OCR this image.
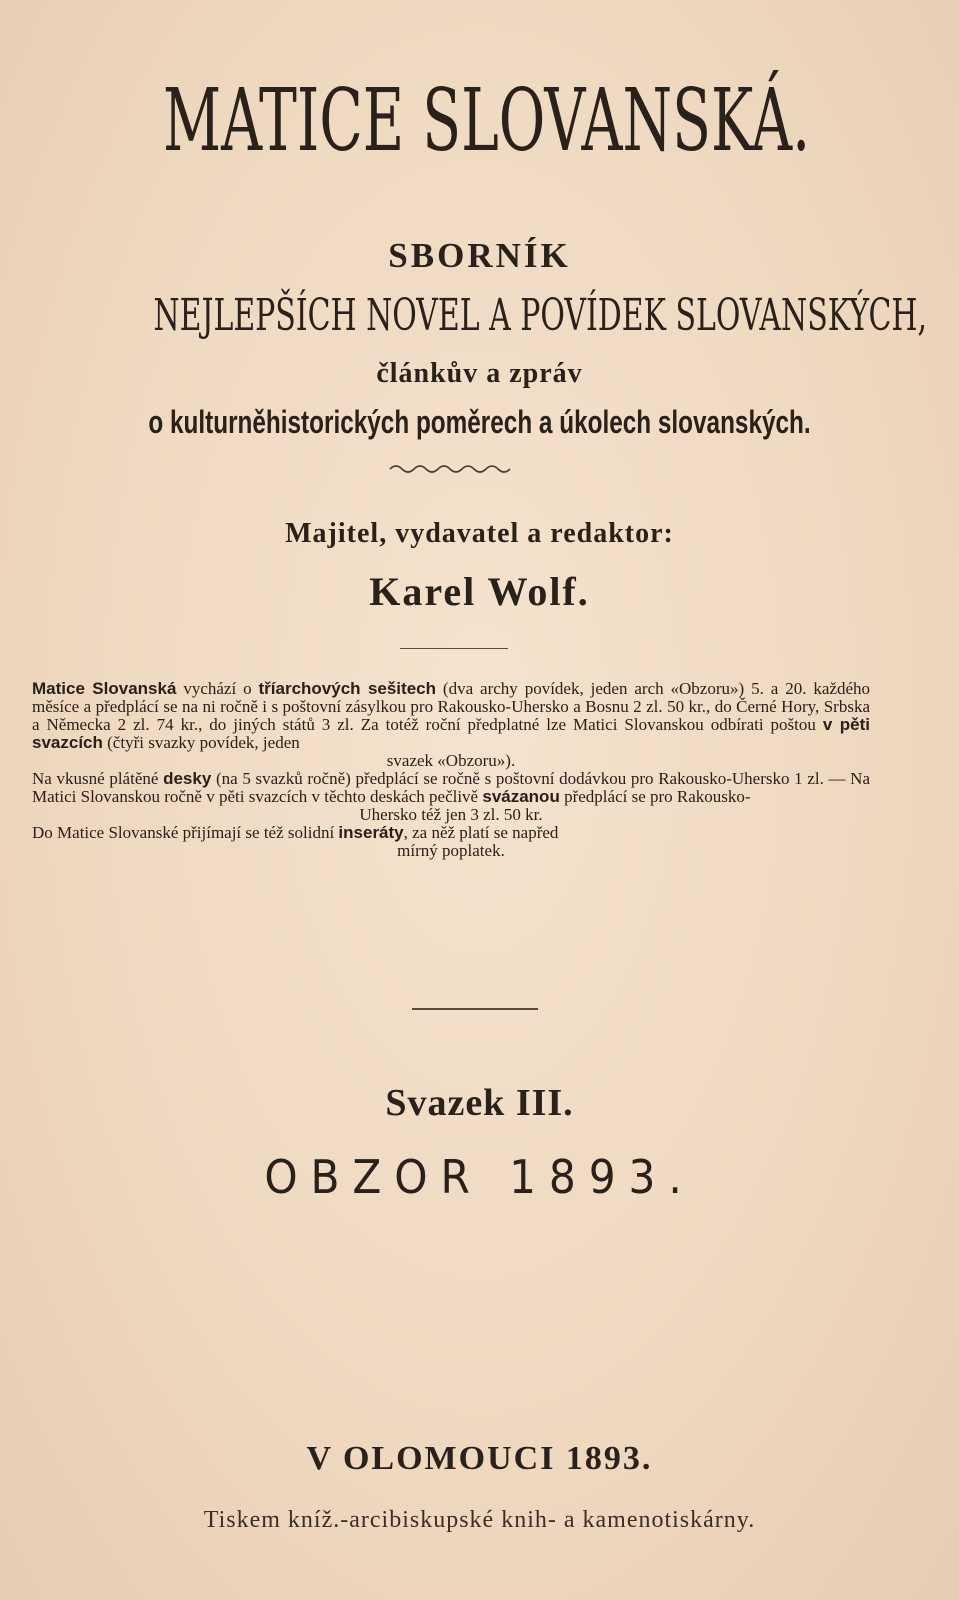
MATICE SLOVANSKÁ.
SBORNÍK
NEJLEPŠÍCH NOVEL A POVÍDEK SLOVANSKÝCH,
článkův a zpráv
o kulturněhistorických poměrech a úkolech slovanských.
Majitel, vydavatel a redaktor:
Karel Wolf.

Matice Slovanská vychází o tříarchových sešitech (dva archy povídek, jeden arch «Obzoru») 5. a 20. každého měsíce a předplácí se na ni ročně i s poštovní zásylkou pro Rakousko-Uhersko a Bosnu 2 zl. 50 kr., do Černé Hory, Srbska a Německa 2 zl. 74 kr., do jiných států 3 zl. Za totéž roční předplatné lze Matici Slovanskou odbírati poštou v pěti svazcích (čtyři svazky povídek, jeden
svazek «Obzoru»).

Na vkusné plátěné desky (na 5 svazků ročně) předplácí se ročně s poštovní dodávkou pro Rakousko-Uhersko 1 zl. — Na Matici Slovanskou ročně v pěti svazcích v těchto deskách pečlivě svázanou předplácí se pro Rakousko-
Uhersko též jen 3 zl. 50 kr.

Do Matice Slovanské přijímají se též solidní inseráty, za něž platí se napřed
mírný poplatek.

Svazek III.
OBZOR 1893.
V OLOMOUCI 1893.
Tiskem kníž.-arcibiskupské knih- a kamenotiskárny.
